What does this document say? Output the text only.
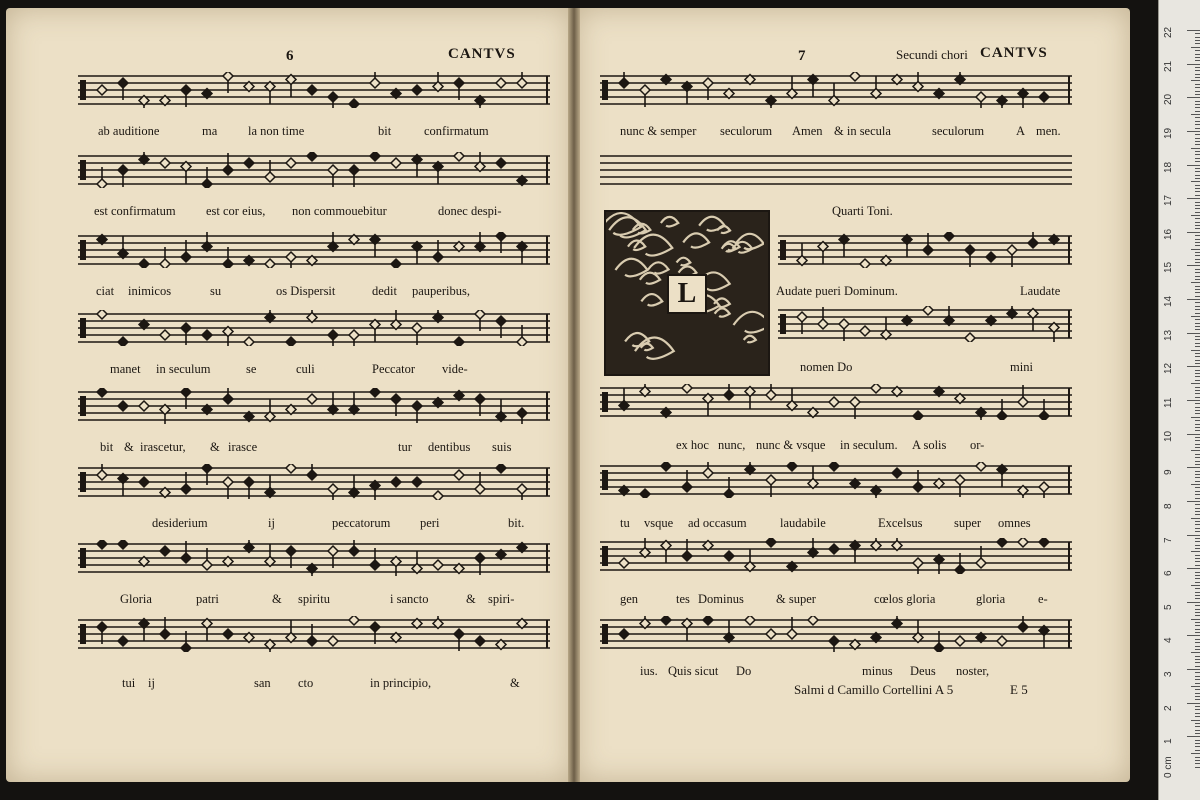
6	CANTVS	7	Secundi chori CANTVS
ab auditione	ma la non time	bit	confirmatum
est confirmatum est cor eius, non commouebitur	donec despi-
ciat inimicos	su	os Dispersit	dedit pauperibus,
manet in seculum	se	culi	Peccator vide-
bit & irascetur, & irasce	tur dentibus suis
desiderium	ij	peccatorum peri	bit.
Gloria	patri	& spiritu	i sancto	& spiri-
tui ij	san cto	in principio,	&
L
nunc & semper seculorum Amen & in secula	seculorum	A men.
Quarti Toni.
Audate pueri Dominum.	Laudate
nomen Do	mini
ex hoc nunc, nunc & vsque in seculum. A solis or-
tu vsque ad occasum	laudabile	Excelsus	super omnes
gen	tes Dominus	& super	cœlos gloria	gloria	e-
ius. Quis sicut Do	minus Deus noster,
Salmi d Camillo Cortellini A 5	E 5
22
21
20
19
18
17
16
15
14
13
12
11
10
9
8
7
6
5
4
3
2
1
0 cm
